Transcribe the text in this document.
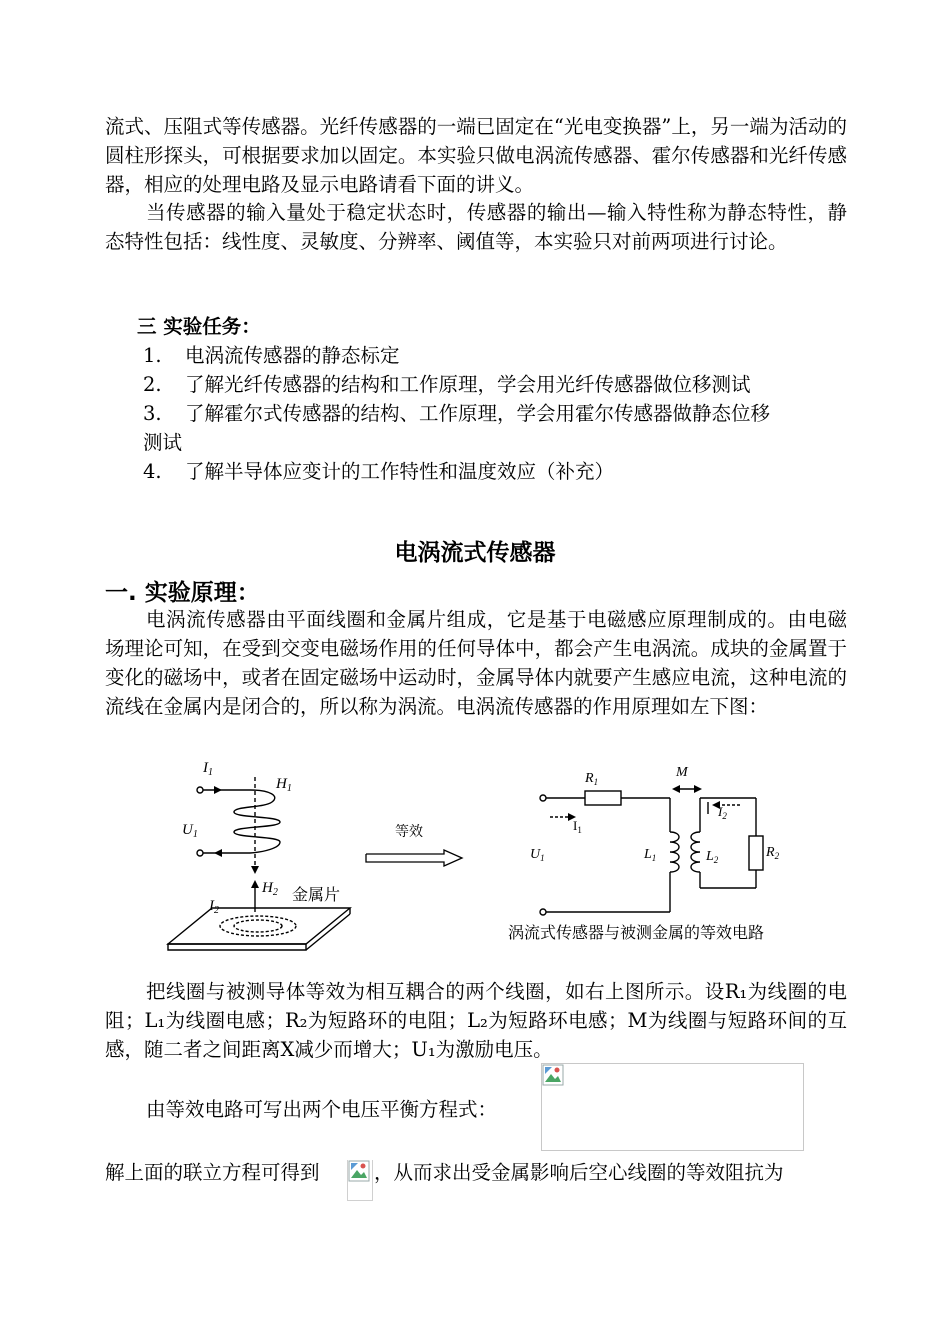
流式、压阻式等传感器。光纤传感器的一端已固定在“光电变换器”上，另一端为活动的圆柱形探头，可根据要求加以固定。本实验只做电涡流传感器、霍尔传感器和光纤传感器，相应的处理电路及显示电路请看下面的讲义。

当传感器的输入量处于稳定状态时，传感器的输出—输入特性称为静态特性，静态特性包括：线性度、灵敏度、分辨率、阈值等，本实验只对前两项进行讨论。

三 实验任务：

1. 电涡流传感器的静态标定

2. 了解光纤传感器的结构和工作原理，学会用光纤传感器做位移测试

3. 了解霍尔式传感器的结构、工作原理，学会用霍尔传感器做静态位移

测试

4. 了解半导体应变计的工作特性和温度效应（补充）

电涡流式传感器
一. 实验原理：

电涡流传感器由平面线圈和金属片组成，它是基于电磁感应原理制成的。由电磁场理论可知，在受到交变电磁场作用的任何导体中，都会产生电涡流。成块的金属置于变化的磁场中，或者在固定磁场中运动时，金属导体内就要产生感应电流，这种电流的流线在金属内是闭合的，所以称为涡流。电涡流传感器的作用原理如左下图：

$I_1$
$H_1$
$U_1$
$H_2$
$I_2$
金属片
等效
$R_1$
M
$I_1$
$I_2$
$U_1$	$L_1$	$L_2$	$R_2$
涡流式传感器与被测金属的等效电路

把线圈与被测导体等效为相互耦合的两个线圈，如右上图所示。设R₁为线圈的电阻；L₁为线圈电感；R₂为短路环的电阻；L₂为短路环电感；M为线圈与短路环间的互感，随二者之间距离X减少而增大；U₁为激励电压。

由等效电路可写出两个电压平衡方程式：

解上面的联立方程可得到	，从而求出受金属影响后空心线圈的等效阻抗为
